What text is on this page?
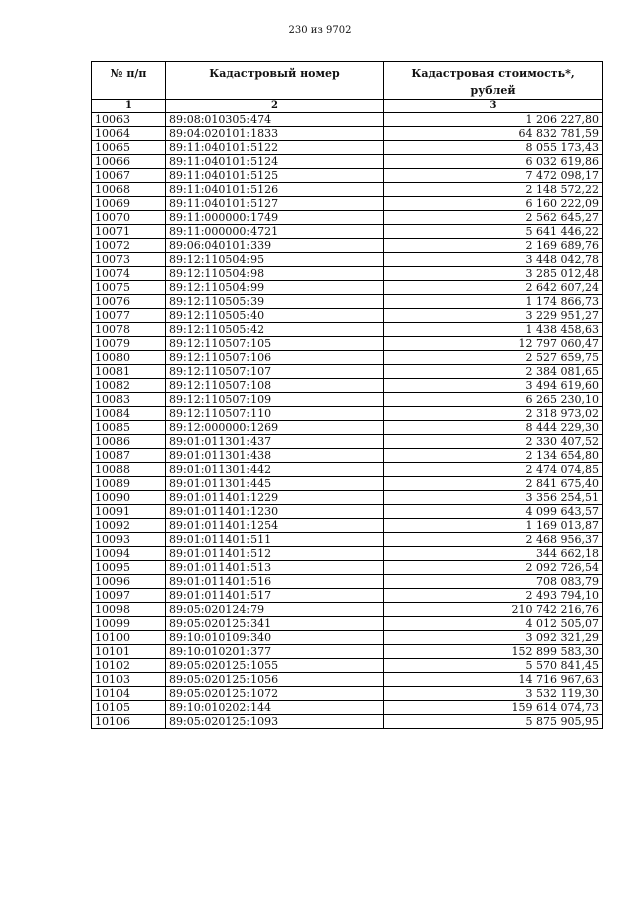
230 из 9702
№ п/п	Кадастровый номер	Кадастровая стоимость*, рублей
1	2	3
10063	89:08:010305:474	1 206 227,80
10064	89:04:020101:1833	64 832 781,59
10065	89:11:040101:5122	8 055 173,43
10066	89:11:040101:5124	6 032 619,86
10067	89:11:040101:5125	7 472 098,17
10068	89:11:040101:5126	2 148 572,22
10069	89:11:040101:5127	6 160 222,09
10070	89:11:000000:1749	2 562 645,27
10071	89:11:000000:4721	5 641 446,22
10072	89:06:040101:339	2 169 689,76
10073	89:12:110504:95	3 448 042,78
10074	89:12:110504:98	3 285 012,48
10075	89:12:110504:99	2 642 607,24
10076	89:12:110505:39	1 174 866,73
10077	89:12:110505:40	3 229 951,27
10078	89:12:110505:42	1 438 458,63
10079	89:12:110507:105	12 797 060,47
10080	89:12:110507:106	2 527 659,75
10081	89:12:110507:107	2 384 081,65
10082	89:12:110507:108	3 494 619,60
10083	89:12:110507:109	6 265 230,10
10084	89:12:110507:110	2 318 973,02
10085	89:12:000000:1269	8 444 229,30
10086	89:01:011301:437	2 330 407,52
10087	89:01:011301:438	2 134 654,80
10088	89:01:011301:442	2 474 074,85
10089	89:01:011301:445	2 841 675,40
10090	89:01:011401:1229	3 356 254,51
10091	89:01:011401:1230	4 099 643,57
10092	89:01:011401:1254	1 169 013,87
10093	89:01:011401:511	2 468 956,37
10094	89:01:011401:512	344 662,18
10095	89:01:011401:513	2 092 726,54
10096	89:01:011401:516	708 083,79
10097	89:01:011401:517	2 493 794,10
10098	89:05:020124:79	210 742 216,76
10099	89:05:020125:341	4 012 505,07
10100	89:10:010109:340	3 092 321,29
10101	89:10:010201:377	152 899 583,30
10102	89:05:020125:1055	5 570 841,45
10103	89:05:020125:1056	14 716 967,63
10104	89:05:020125:1072	3 532 119,30
10105	89:10:010202:144	159 614 074,73
10106	89:05:020125:1093	5 875 905,95
